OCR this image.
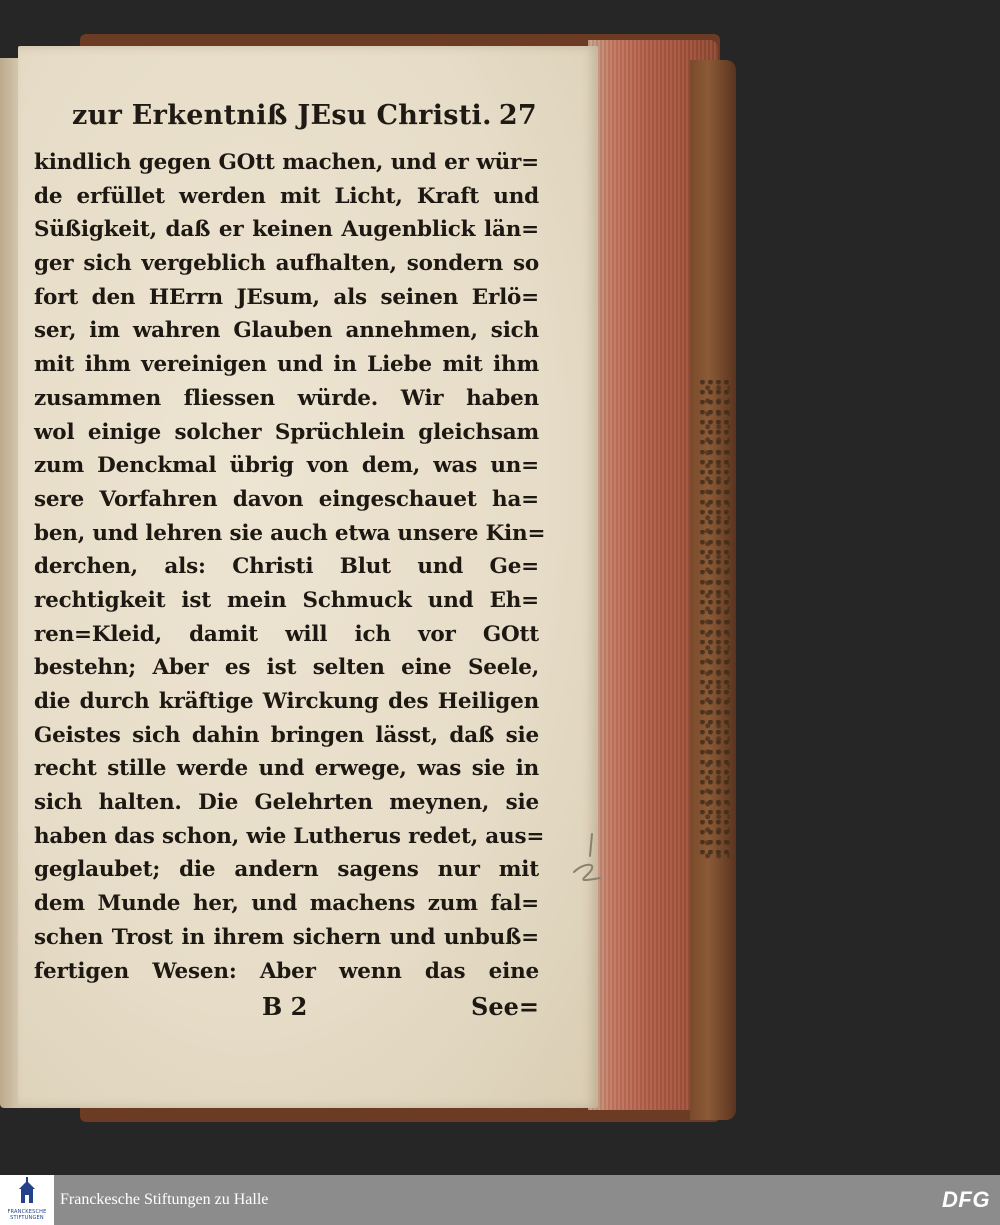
zur Erkentniß JEsu Christi. 27
kindlich gegen GOtt machen, und er wür=
de erfüllet werden mit Licht, Kraft und
Süßigkeit, daß er keinen Augenblick län=
ger sich vergeblich aufhalten, sondern so
fort den HErrn JEsum, als seinen Erlö=
ser, im wahren Glauben annehmen, sich
mit ihm vereinigen und in Liebe mit ihm
zusammen fliessen würde. Wir haben
wol einige solcher Sprüchlein gleichsam
zum Denckmal übrig von dem, was un=
sere Vorfahren davon eingeschauet ha=
ben, und lehren sie auch etwa unsere Kin=
derchen, als: Christi Blut und Ge=
rechtigkeit ist mein Schmuck und Eh=
ren=Kleid, damit will ich vor GOtt
bestehn; Aber es ist selten eine Seele,
die durch kräftige Wirckung des Heiligen
Geistes sich dahin bringen lässt, daß sie
recht stille werde und erwege, was sie in
sich halten. Die Gelehrten meynen, sie
haben das schon, wie Lutherus redet, aus=
geglaubet; die andern sagens nur mit
dem Munde her, und machens zum fal=
schen Trost in ihrem sichern und unbuß=
fertigen Wesen: Aber wenn das eine
B 2	See=
FRANCKESCHE STIFTUNGEN
Franckesche Stiftungen zu Halle	DFG
